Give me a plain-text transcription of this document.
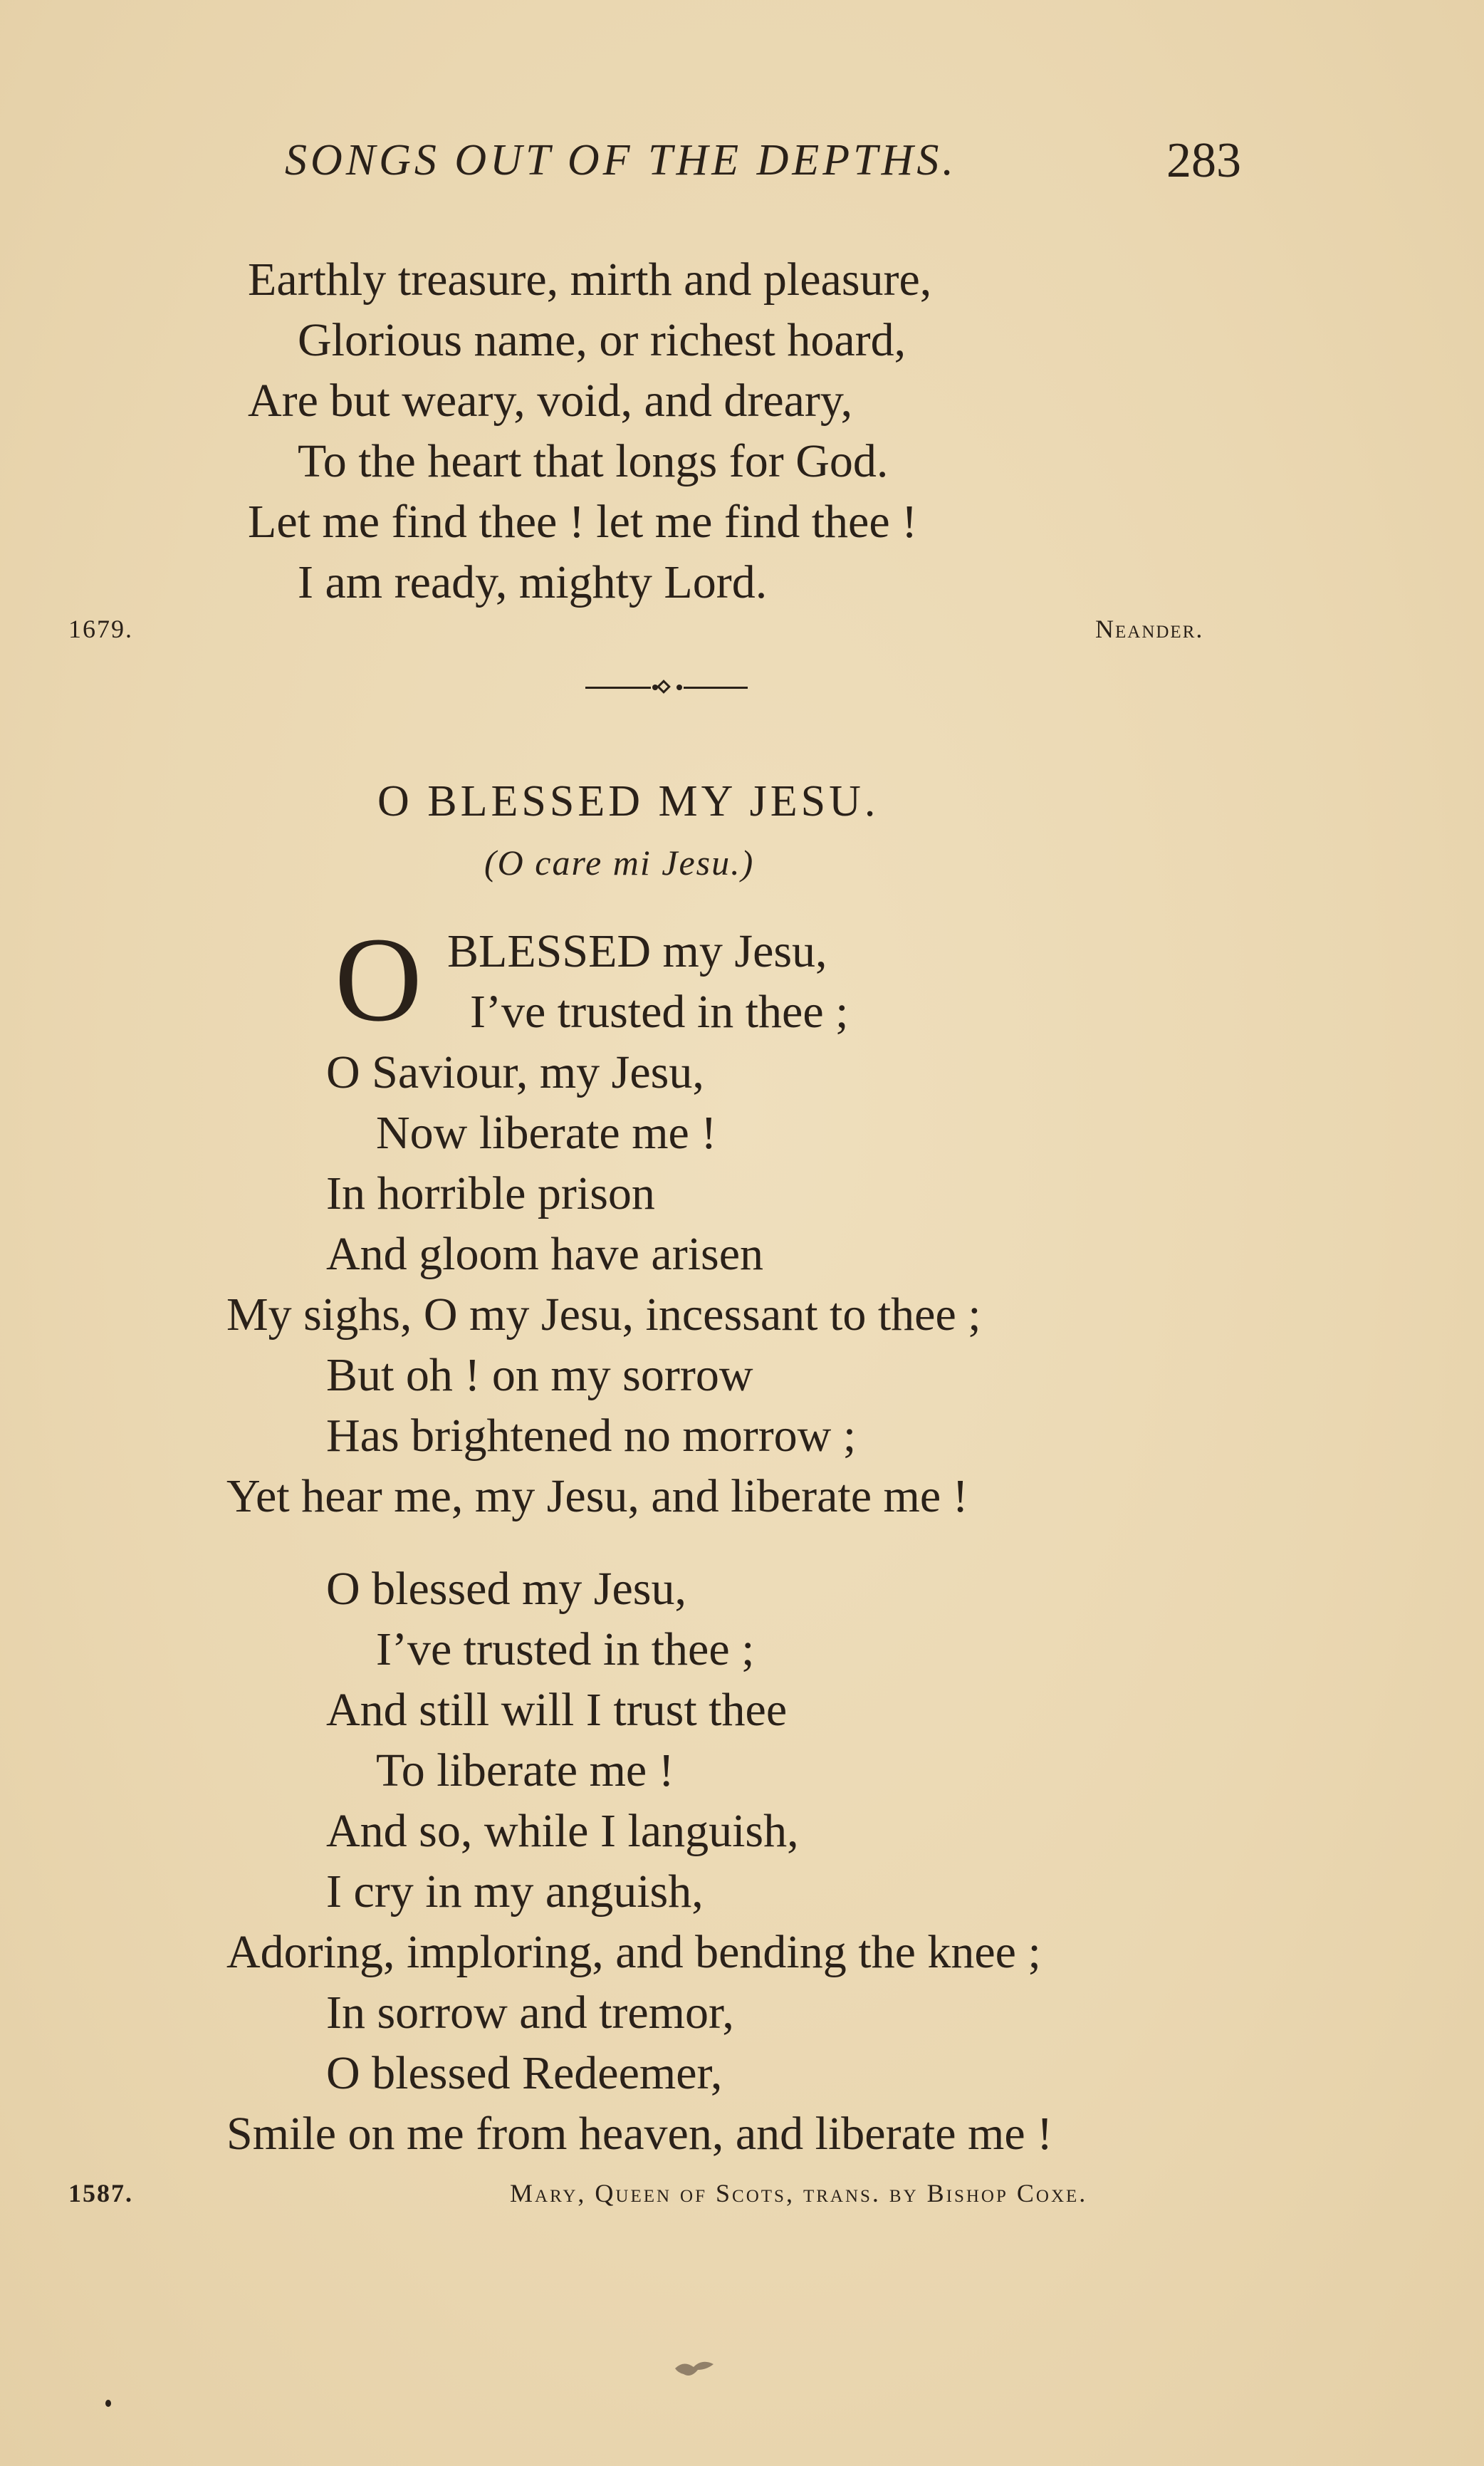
SONGS OUT OF THE DEPTHS.	283
Earthly treasure, mirth and pleasure,
Glorious name, or richest hoard,
Are but weary, void, and dreary,
To the heart that longs for God.
Let me find thee ! let me find thee !
I am ready, mighty Lord.
1679.	Neander.
O BLESSED MY JESU.
(O care mi Jesu.)
O BLESSED my Jesu,
I’ve trusted in thee ;
O Saviour, my Jesu,
Now liberate me !
In horrible prison
And gloom have arisen
My sighs, O my Jesu, incessant to thee ;
But oh ! on my sorrow
Has brightened no morrow ;
Yet hear me, my Jesu, and liberate me !
O blessed my Jesu,
I’ve trusted in thee ;
And still will I trust thee
To liberate me !
And so, while I languish,
I cry in my anguish,
Adoring, imploring, and bending the knee ;
In sorrow and tremor,
O blessed Redeemer,
Smile on me from heaven, and liberate me !
1587.	Mary, Queen of Scots, trans. by Bishop Coxe.
